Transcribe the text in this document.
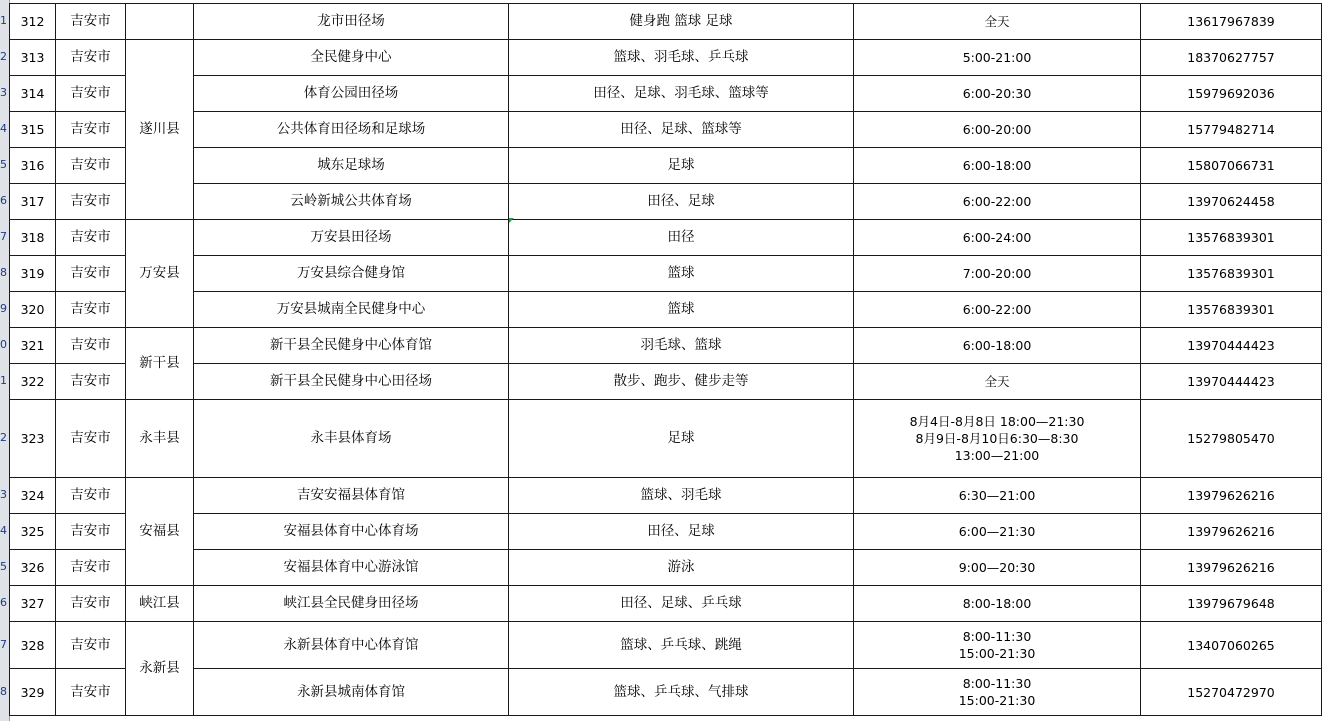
1
2
3
4
5
6
7
8
9
0
1
2
3
4
5
6
7
8
312	吉安市		龙市田径场	健身跑 篮球 足球	全天	13617967839
313	吉安市	遂川县	全民健身中心	篮球、羽毛球、乒乓球	5:00-21:00	18370627757
314	吉安市		体育公园田径场	田径、足球、羽毛球、篮球等	6:00-20:30	15979692036
315	吉安市		公共体育田径场和足球场	田径、足球、篮球等	6:00-20:00	15779482714
316	吉安市		城东足球场	足球	6:00-18:00	15807066731
317	吉安市		云岭新城公共体育场	田径、足球	6:00-22:00	13970624458
318	吉安市	万安县	万安县田径场	田径	6:00-24:00	13576839301
319	吉安市		万安县综合健身馆	篮球	7:00-20:00	13576839301
320	吉安市		万安县城南全民健身中心	篮球	6:00-22:00	13576839301
321	吉安市	新干县	新干县全民健身中心体育馆	羽毛球、篮球	6:00-18:00	13970444423
322	吉安市		新干县全民健身中心田径场	散步、跑步、健步走等	全天	13970444423
323	吉安市	永丰县	永丰县体育场	足球	8月4日-8月8日 18:00—21:30
8月9日-8月10日6:30—8:30
13:00—21:00	15279805470
324	吉安市	安福县	吉安安福县体育馆	篮球、羽毛球	6:30—21:00	13979626216
325	吉安市		安福县体育中心体育场	田径、足球	6:00—21:30	13979626216
326	吉安市		安福县体育中心游泳馆	游泳	9:00—20:30	13979626216
327	吉安市	峡江县	峡江县全民健身田径场	田径、足球、乒乓球	8:00-18:00	13979679648
328	吉安市	永新县	永新县体育中心体育馆	篮球、乒乓球、跳绳	8:00-11:30
15:00-21:30	13407060265
329	吉安市		永新县城南体育馆	篮球、乒乓球、气排球	8:00-11:30
15:00-21:30	15270472970
